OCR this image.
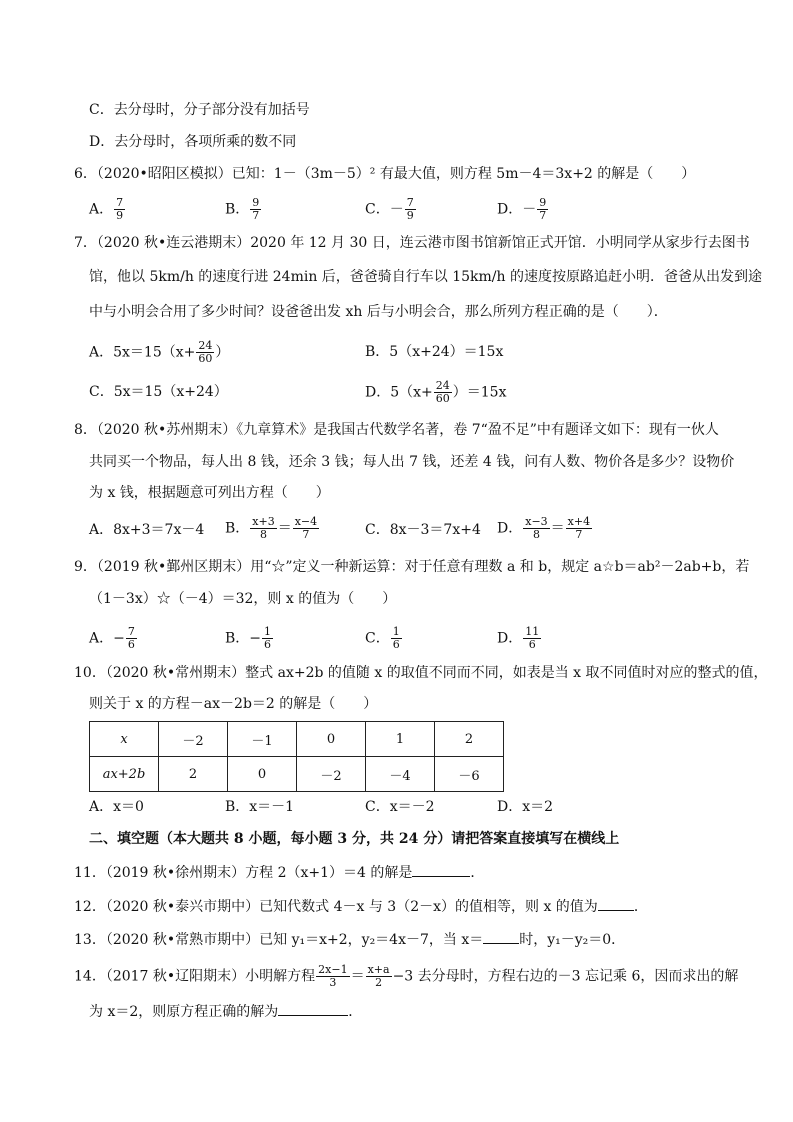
C．去分母时，分子部分没有加括号
D．去分母时，各项所乘的数不同
6．（2020•昭阳区模拟）已知：1－（3m－5）² 有最大值，则方程 5m－4＝3x+2 的解是（　　）
A． $\frac{7}{9}$	B． $\frac{9}{7}$	C．－ $\frac{7}{9}$	D．－ $\frac{9}{7}$
7．（2020 秋•连云港期末）2020 年 12 月 30 日，连云港市图书馆新馆正式开馆．小明同学从家步行去图书
馆，他以 5km/h 的速度行进 24min 后，爸爸骑自行车以 15km/h 的速度按原路追赶小明．爸爸从出发到途
中与小明会合用了多少时间？设爸爸出发 xh 后与小明会合，那么所列方程正确的是（　　）．
A．$5x=15(x+ \frac{24}{60}$ ）	B．5（x+24）＝15x
C．5x＝15（x+24）	D．$5(x+ \frac{24}{60} )=15x$
8．（2020 秋•苏州期末）《九章算术》是我国古代数学名著，卷 7“盈不足”中有题译文如下：现有一伙人
共同买一个物品，每人出 8 钱，还余 3 钱；每人出 7 钱，还差 4 钱，问有人数、物价各是多少？设物价
为 x 钱，根据题意可列出方程（　　）
A．8x+3＝7x－4 B． $\frac{x+3}{8} = \frac{x-4}{7}$	C．8x－3＝7x+4 D． $\frac{x-3}{8} = \frac{x+4}{7}$
9．（2019 秋•鄞州区期末）用“☆”定义一种新运算：对于任意有理数 a 和 b，规定 a☆b＝ab²－2ab+b，若
（1－3x）☆（－4）＝32，则 x 的值为（　　）
A．− $\frac{7}{6}$	B．− $\frac{1}{6}$	C． $\frac{1}{6}$	D． $\frac{11}{6}$
10．（2020 秋•常州期末）整式 ax+2b 的值随 x 的取值不同而不同，如表是当 x 取不同值时对应的整式的值，
则关于 x 的方程－ax－2b＝2 的解是（　　）
x	－2	－1	0	1	2
ax+2b	2	0	－2	－4	－6
A．x＝0	B．x＝－1	C．x＝－2	D．x＝2
二、填空题（本大题共 8 小题，每小题 3 分，共 24 分）请把答案直接填写在横线上
11．（2019 秋•徐州期末）方程 2（x+1）＝4 的解是	．
12．（2020 秋•泰兴市期中）已知代数式 4－x 与 3（2－x）的值相等，则 x 的值为	．
13．（2020 秋•常熟市期中）已知 y₁＝x+2，y₂＝4x－7，当 x＝	时，y₁－y₂＝0．
14．（2017 秋•辽阳期末）小明解方程 $\frac{2x-1}{3} = \frac{x+a}{2} -3$ 去分母时，方程右边的－3 忘记乘 6，因而求出的解
为 x＝2，则原方程正确的解为	．
